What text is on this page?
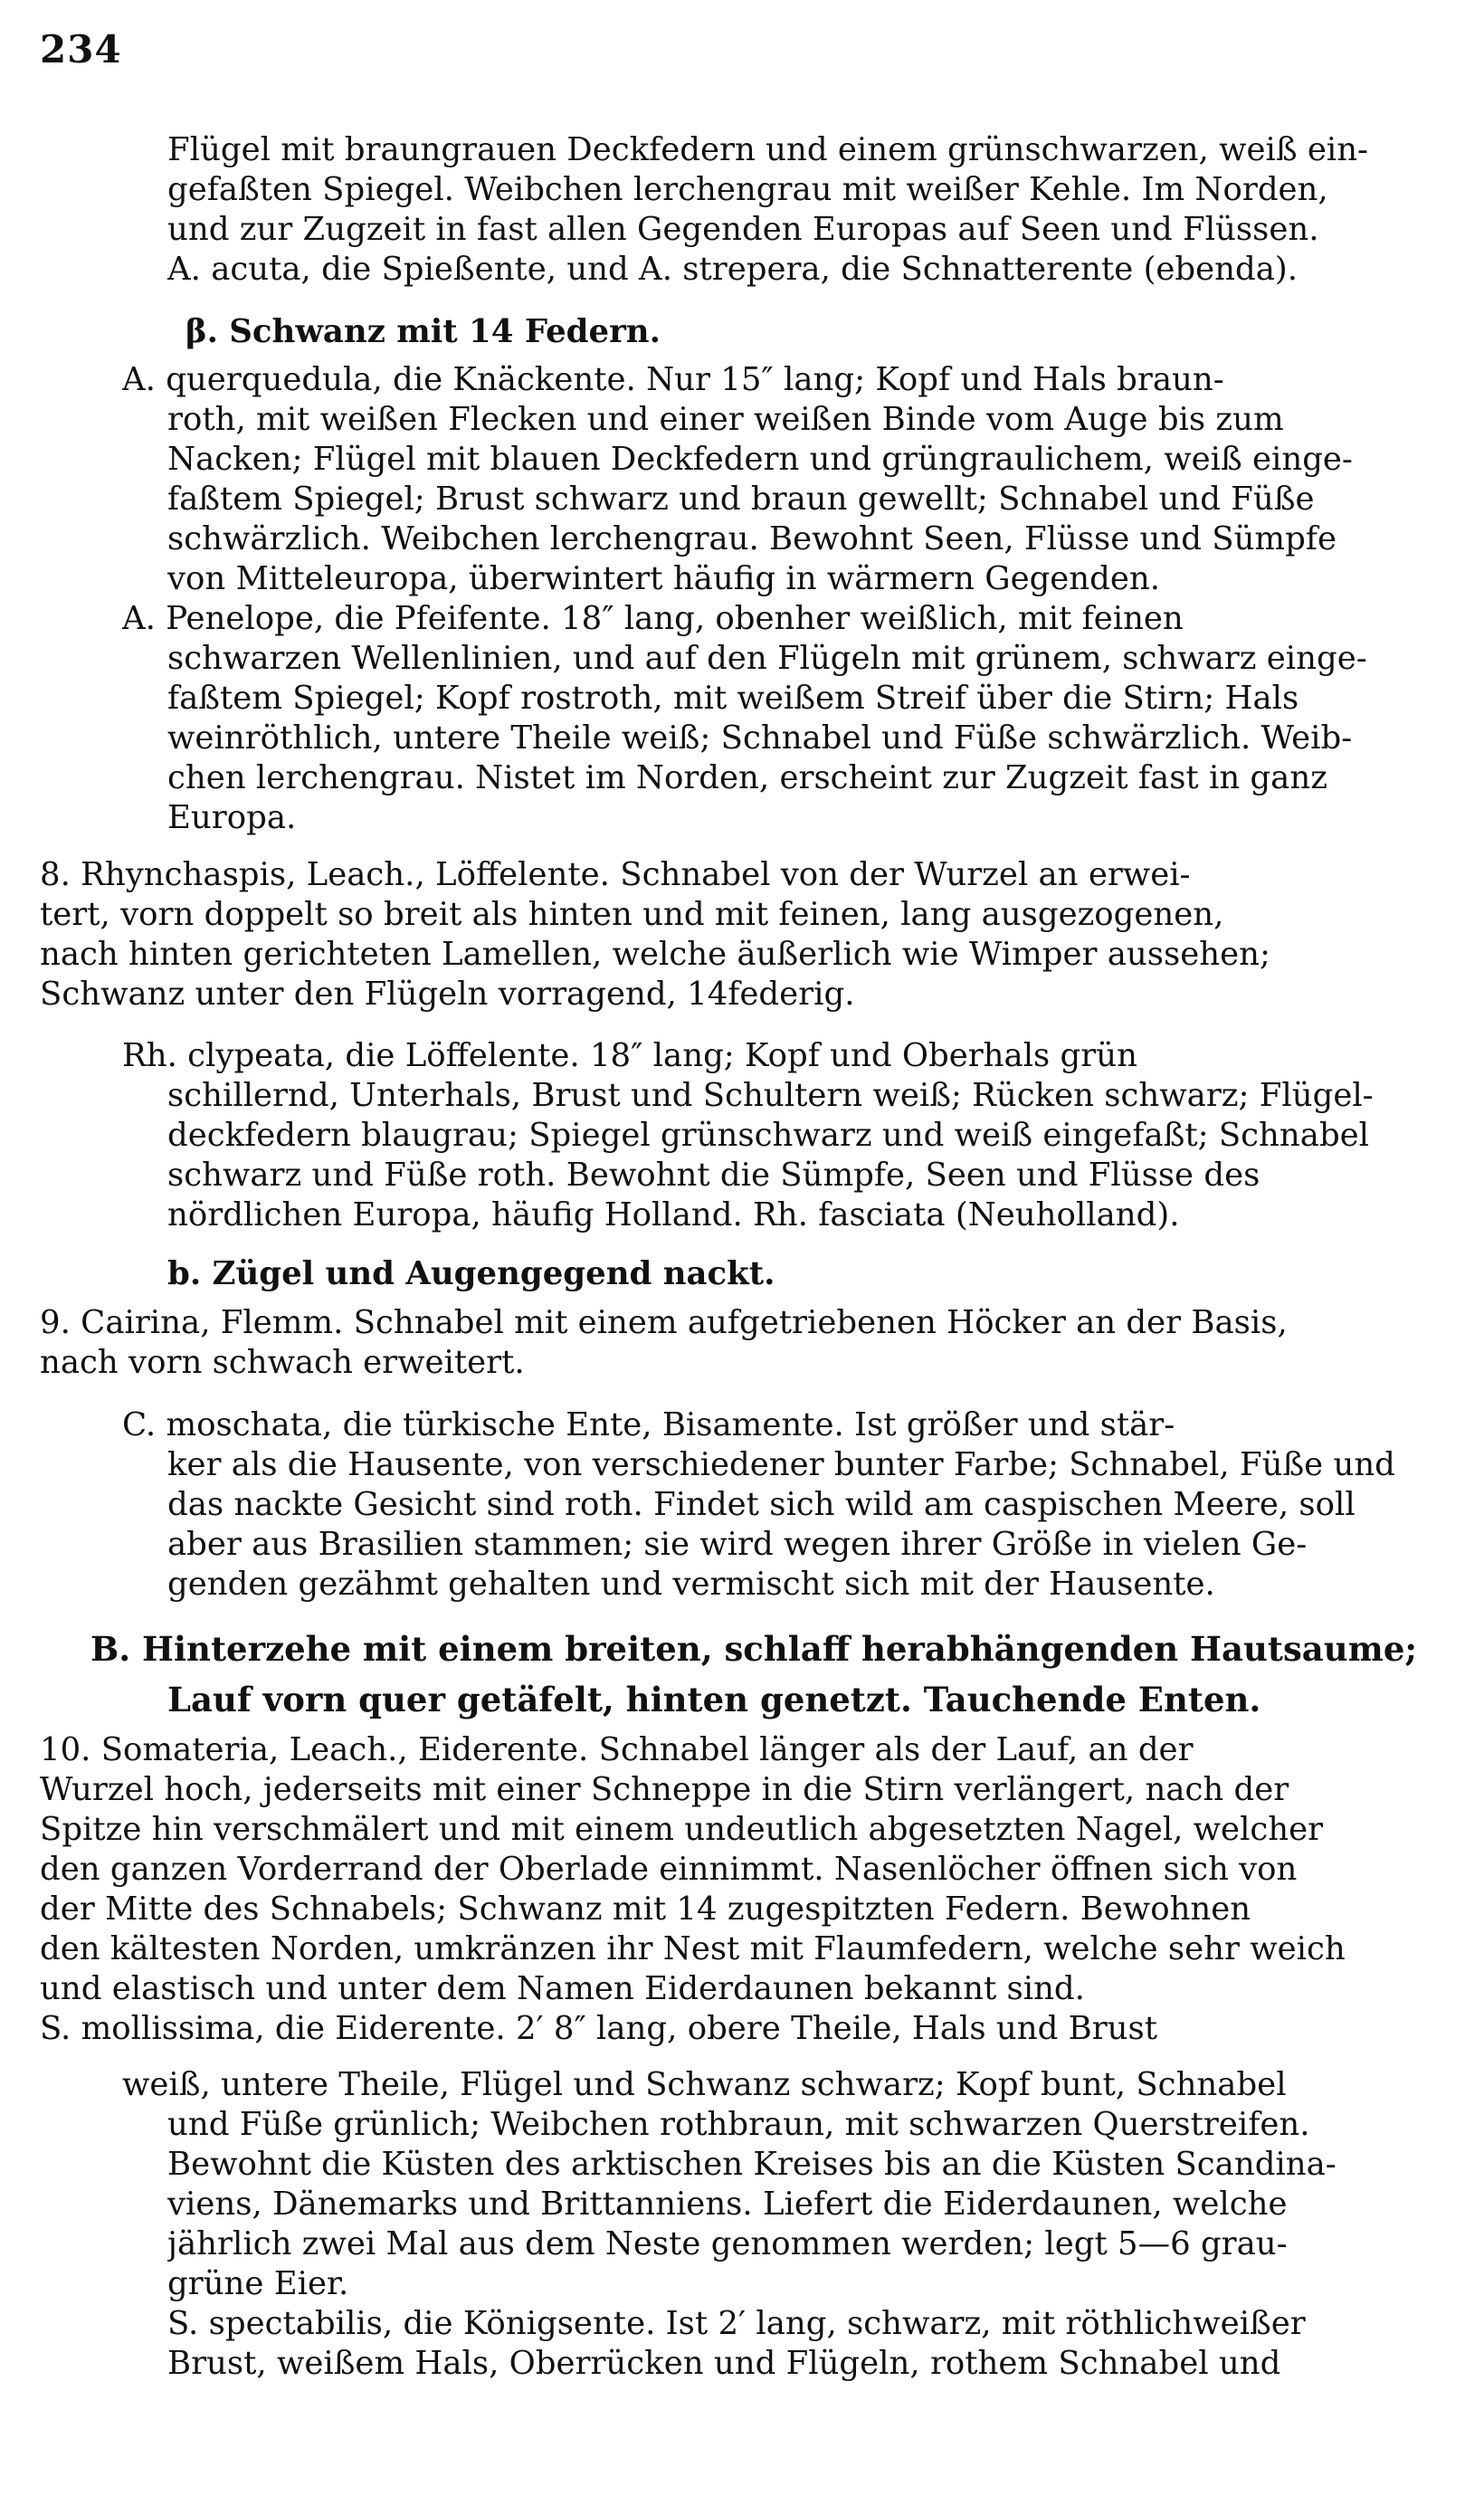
234
Flügel mit braungrauen Deckfedern und einem grünschwarzen, weiß ein-
gefaßten Spiegel. Weibchen lerchengrau mit weißer Kehle. Im Norden,
und zur Zugzeit in fast allen Gegenden Europas auf Seen und Flüssen.
A. acuta, die Spießente, und A. strepera, die Schnatterente (ebenda).
β. Schwanz mit 14 Federn.
A. querquedula, die Knäckente. Nur 15″ lang; Kopf und Hals braun-
roth, mit weißen Flecken und einer weißen Binde vom Auge bis zum
Nacken; Flügel mit blauen Deckfedern und grüngraulichem, weiß einge-
faßtem Spiegel; Brust schwarz und braun gewellt; Schnabel und Füße
schwärzlich. Weibchen lerchengrau. Bewohnt Seen, Flüsse und Sümpfe
von Mitteleuropa, überwintert häufig in wärmern Gegenden.
A. Penelope, die Pfeifente. 18″ lang, obenher weißlich, mit feinen
schwarzen Wellenlinien, und auf den Flügeln mit grünem, schwarz einge-
faßtem Spiegel; Kopf rostroth, mit weißem Streif über die Stirn; Hals
weinröthlich, untere Theile weiß; Schnabel und Füße schwärzlich. Weib-
chen lerchengrau. Nistet im Norden, erscheint zur Zugzeit fast in ganz
Europa.
8. Rhynchaspis, Leach., Löffelente. Schnabel von der Wurzel an erwei-
tert, vorn doppelt so breit als hinten und mit feinen, lang ausgezogenen,
nach hinten gerichteten Lamellen, welche äußerlich wie Wimper aussehen;
Schwanz unter den Flügeln vorragend, 14federig.
Rh. clypeata, die Löffelente. 18″ lang; Kopf und Oberhals grün
schillernd, Unterhals, Brust und Schultern weiß; Rücken schwarz; Flügel-
deckfedern blaugrau; Spiegel grünschwarz und weiß eingefaßt; Schnabel
schwarz und Füße roth. Bewohnt die Sümpfe, Seen und Flüsse des
nördlichen Europa, häufig Holland. Rh. fasciata (Neuholland).
b. Zügel und Augengegend nackt.
9. Cairina, Flemm. Schnabel mit einem aufgetriebenen Höcker an der Basis,
nach vorn schwach erweitert.
C. moschata, die türkische Ente, Bisamente. Ist größer und stär-
ker als die Hausente, von verschiedener bunter Farbe; Schnabel, Füße und
das nackte Gesicht sind roth. Findet sich wild am caspischen Meere, soll
aber aus Brasilien stammen; sie wird wegen ihrer Größe in vielen Ge-
genden gezähmt gehalten und vermischt sich mit der Hausente.
B. Hinterzehe mit einem breiten, schlaff herabhängenden Hautsaume;
Lauf vorn quer getäfelt, hinten genetzt. Tauchende Enten.
10. Somateria, Leach., Eiderente. Schnabel länger als der Lauf, an der
Wurzel hoch, jederseits mit einer Schneppe in die Stirn verlängert, nach der
Spitze hin verschmälert und mit einem undeutlich abgesetzten Nagel, welcher
den ganzen Vorderrand der Oberlade einnimmt. Nasenlöcher öffnen sich von
der Mitte des Schnabels; Schwanz mit 14 zugespitzten Federn. Bewohnen
den kältesten Norden, umkränzen ihr Nest mit Flaumfedern, welche sehr weich
und elastisch und unter dem Namen Eiderdaunen bekannt sind.
S. mollissima, die Eiderente. 2′ 8″ lang, obere Theile, Hals und Brust
weiß, untere Theile, Flügel und Schwanz schwarz; Kopf bunt, Schnabel
und Füße grünlich; Weibchen rothbraun, mit schwarzen Querstreifen.
Bewohnt die Küsten des arktischen Kreises bis an die Küsten Scandina-
viens, Dänemarks und Brittanniens. Liefert die Eiderdaunen, welche
jährlich zwei Mal aus dem Neste genommen werden; legt 5—6 grau-
grüne Eier.
S. spectabilis, die Königsente. Ist 2′ lang, schwarz, mit röthlichweißer
Brust, weißem Hals, Oberrücken und Flügeln, rothem Schnabel und
